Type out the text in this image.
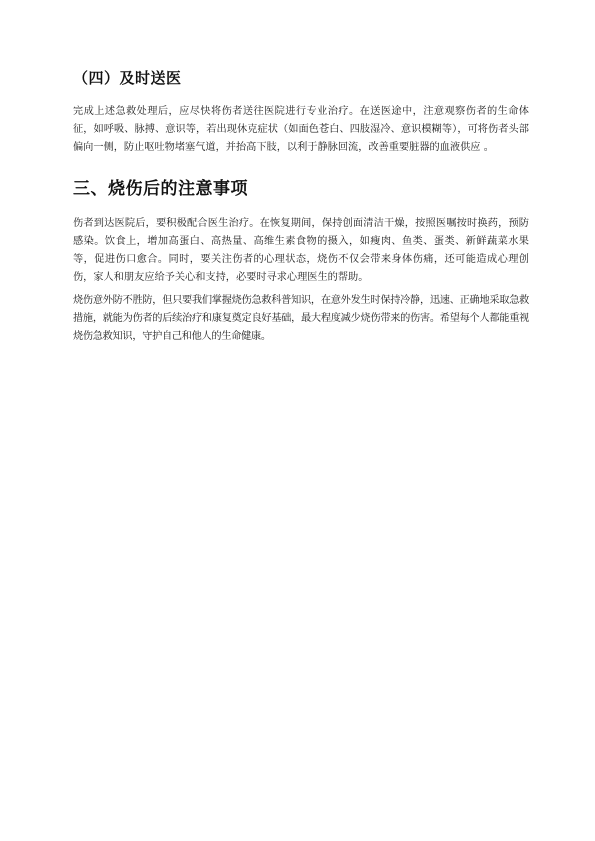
（四）及时送医

完成上述急救处理后，应尽快将伤者送往医院进行专业治疗。在送医途中，注意观察伤者的生命体征，如呼吸、脉搏、意识等，若出现休克症状（如面色苍白、四肢湿冷、意识模糊等），可将伤者头部偏向一侧，防止呕吐物堵塞气道，并抬高下肢，以利于静脉回流，改善重要脏器的血液供应 。

三、烧伤后的注意事项

伤者到达医院后，要积极配合医生治疗。在恢复期间，保持创面清洁干燥，按照医嘱按时换药，预防感染。饮食上，增加高蛋白、高热量、高维生素食物的摄入，如瘦肉、鱼类、蛋类、新鲜蔬菜水果等，促进伤口愈合。同时，要关注伤者的心理状态，烧伤不仅会带来身体伤痛，还可能造成心理创伤，家人和朋友应给予关心和支持，必要时寻求心理医生的帮助。

烧伤意外防不胜防，但只要我们掌握烧伤急救科普知识，在意外发生时保持冷静，迅速、正确地采取急救措施，就能为伤者的后续治疗和康复奠定良好基础，最大程度减少烧伤带来的伤害。希望每个人都能重视烧伤急救知识，守护自己和他人的生命健康。
